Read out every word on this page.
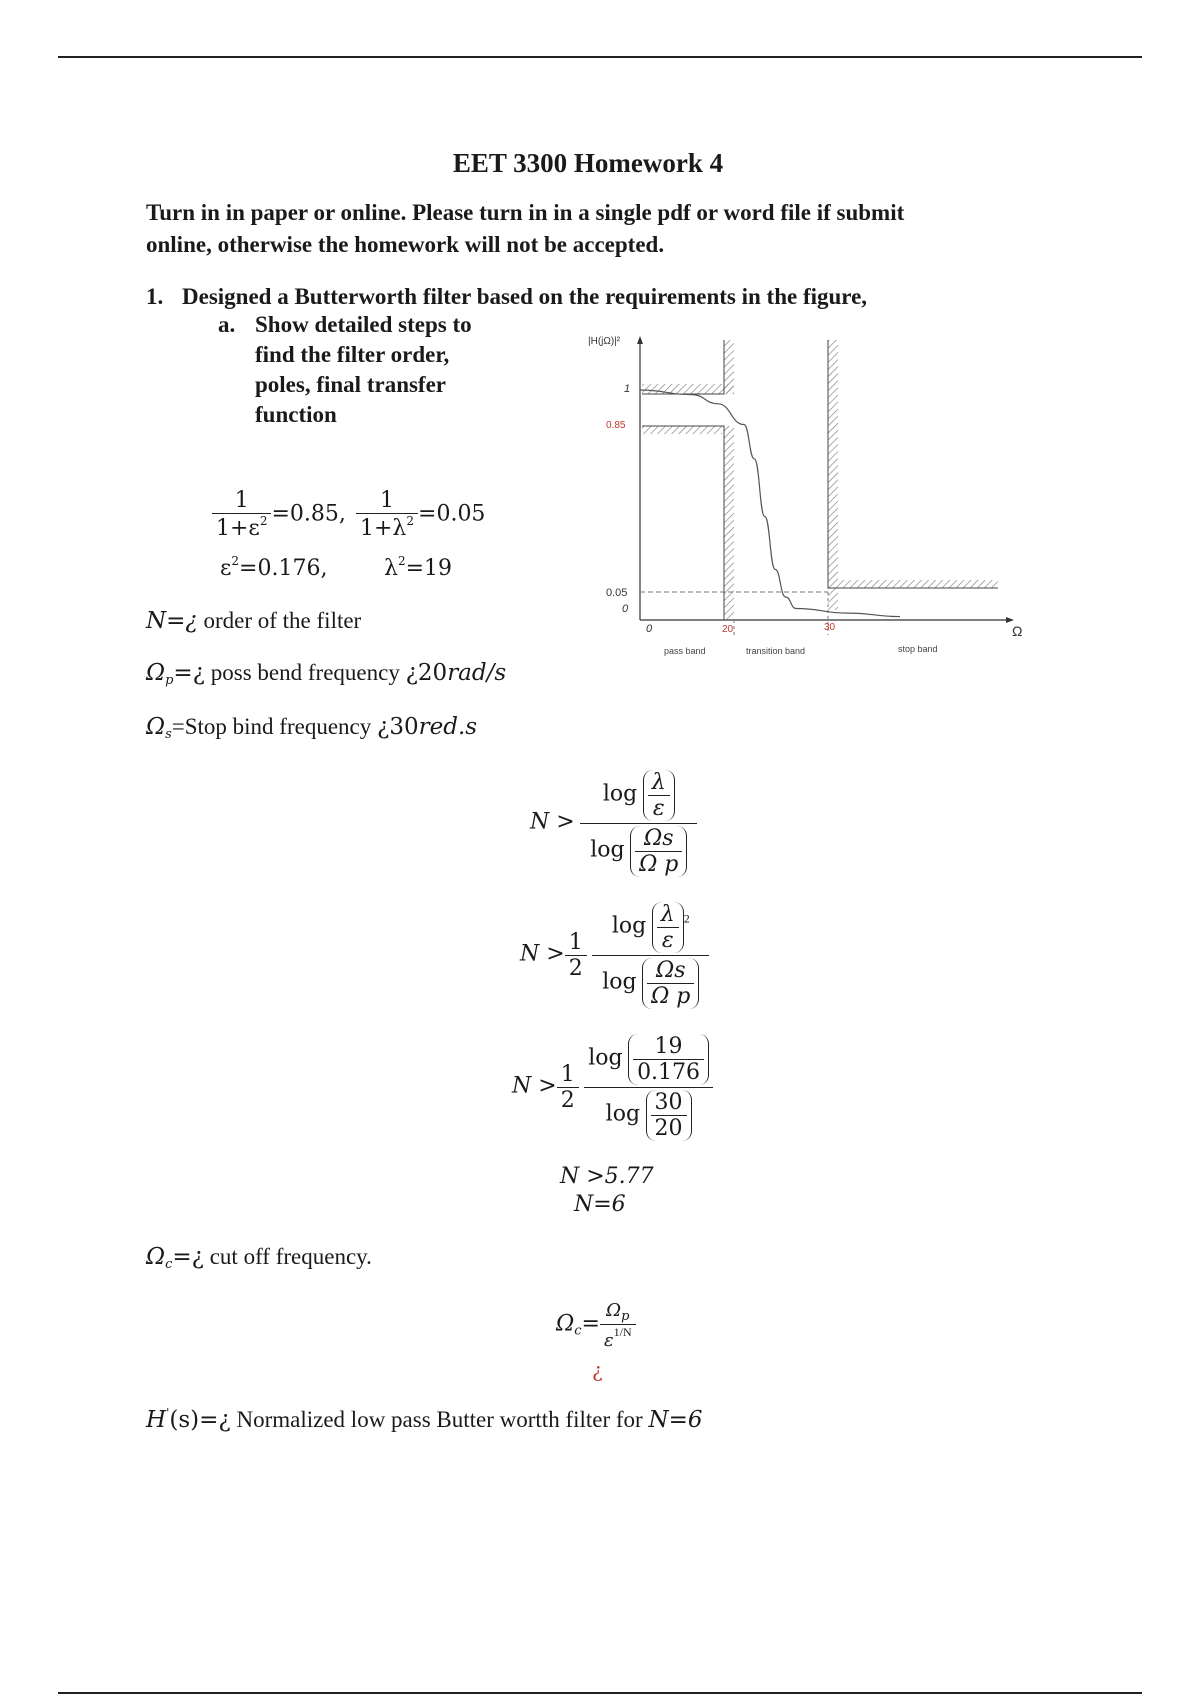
EET 3300 Homework 4
Turn in in paper or online. Please turn in in a single pdf or word file if submit
online, otherwise the homework will not be accepted.
1. Designed a Butterworth filter based on the requirements in the figure,
a. Show detailed steps to
find the filter order,
poles, final transfer
function
$\frac{1}{1+\varepsilon^2} =0.85$, $\frac{1}{1+\lambda^2} =0.05$
$\varepsilon^2=0.176$,	$\lambda^2=19$
N=¿ order of the filter
$\Omega_p=¿$ poss bend frequency ¿20rad/s
$\Omega_s=Stop$ bind frequency ¿30red.s
$N > \frac{\log \frac{\lambda}{\varepsilon}}{\log \frac{\Omega s}{\text{Ω p}}}$
$N > \frac{1}{2}$
$\frac{\log \frac{\lambda}{\varepsilon} ^2}{\log \frac{\Omega s}{\text{Ω p}}}$
$N > \frac{1}{2}$
$\frac{\log \frac{19}{0.176}}{\log \frac{30}{20}}$
N >5.77
N=6
$\Omega_c=¿$ cut off frequency.
$\Omega_c= \frac{\Omega_p}{\varepsilon^{1/N}}$
¿
H'(s)=¿ Normalized low pass Butter wortth filter for N=6
|H(jΩ)|²
1
0.85
0.05
0
0	20	30	Ω
pass band	transition band	stop band
